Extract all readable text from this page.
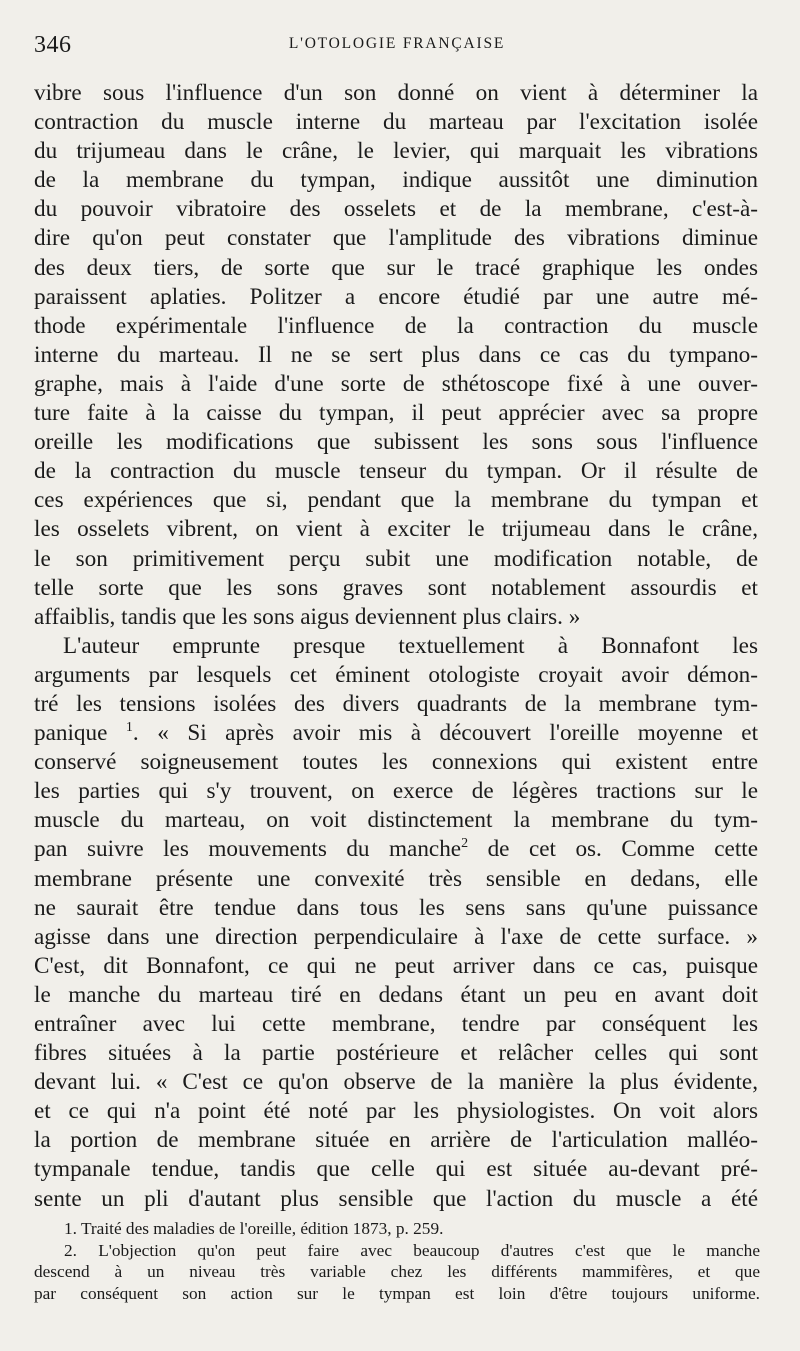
346	L'OTOLOGIE FRANÇAISE
vibre sous l'influence d'un son donné on vient à déterminer la
contraction du muscle interne du marteau par l'excitation isolée
du trijumeau dans le crâne, le levier, qui marquait les vibrations
de la membrane du tympan, indique aussitôt une diminution
du pouvoir vibratoire des osselets et de la membrane, c'est-à-
dire qu'on peut constater que l'amplitude des vibrations diminue
des deux tiers, de sorte que sur le tracé graphique les ondes
paraissent aplaties. Politzer a encore étudié par une autre mé-
thode expérimentale l'influence de la contraction du muscle
interne du marteau. Il ne se sert plus dans ce cas du tympano-
graphe, mais à l'aide d'une sorte de sthétoscope fixé à une ouver-
ture faite à la caisse du tympan, il peut apprécier avec sa propre
oreille les modifications que subissent les sons sous l'influence
de la contraction du muscle tenseur du tympan. Or il résulte de
ces expériences que si, pendant que la membrane du tympan et
les osselets vibrent, on vient à exciter le trijumeau dans le crâne,
le son primitivement perçu subit une modification notable, de
telle sorte que les sons graves sont notablement assourdis et
affaiblis, tandis que les sons aigus deviennent plus clairs. »
L'auteur emprunte presque textuellement à Bonnafont les
arguments par lesquels cet éminent otologiste croyait avoir démon-
tré les tensions isolées des divers quadrants de la membrane tym-
panique $^1$. « Si après avoir mis à découvert l'oreille moyenne et
conservé soigneusement toutes les connexions qui existent entre
les parties qui s'y trouvent, on exerce de légères tractions sur le
muscle du marteau, on voit distinctement la membrane du tym-
pan suivre les mouvements du manche$^2$ de cet os. Comme cette
membrane présente une convexité très sensible en dedans, elle
ne saurait être tendue dans tous les sens sans qu'une puissance
agisse dans une direction perpendiculaire à l'axe de cette surface. »
C'est, dit Bonnafont, ce qui ne peut arriver dans ce cas, puisque
le manche du marteau tiré en dedans étant un peu en avant doit
entraîner avec lui cette membrane, tendre par conséquent les
fibres situées à la partie postérieure et relâcher celles qui sont
devant lui. « C'est ce qu'on observe de la manière la plus évidente,
et ce qui n'a point été noté par les physiologistes. On voit alors
la portion de membrane située en arrière de l'articulation malléo-
tympanale tendue, tandis que celle qui est située au-devant pré-
sente un pli d'autant plus sensible que l'action du muscle a été
1. Traité des maladies de l'oreille, édition 1873, p. 259.
2. L'objection qu'on peut faire avec beaucoup d'autres c'est que le manche
descend à un niveau très variable chez les différents mammifères, et que
par conséquent son action sur le tympan est loin d'être toujours uniforme.
